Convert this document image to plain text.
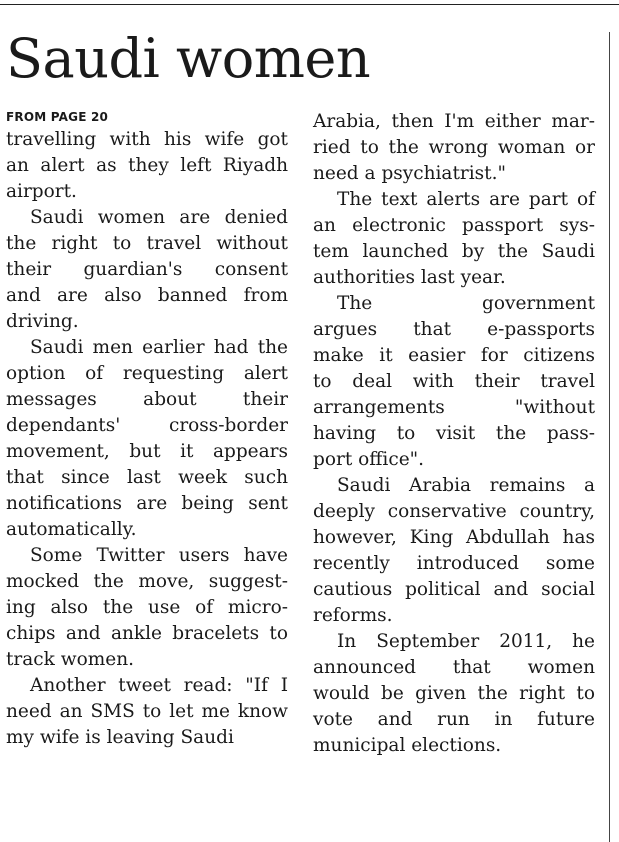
Saudi women
FROM PAGE 20

travelling with his wife got
an alert as they left Riyadh
airport.

Saudi women are denied
the right to travel without
their guardian's consent
and are also banned from
driving.

Saudi men earlier had the
option of requesting alert
messages about their
dependants' cross-border
movement, but it appears
that since last week such
notifications are being sent
automatically.

Some Twitter users have
mocked the move, suggest-
ing also the use of micro-
chips and ankle bracelets to
track women.

Another tweet read: "If I
need an SMS to let me know
my wife is leaving Saudi

Arabia, then I'm either mar-
ried to the wrong woman or
need a psychiatrist."

The text alerts are part of
an electronic passport sys-
tem launched by the Saudi
authorities last year.

The government
argues that e-passports
make it easier for citizens
to deal with their travel
arrangements "without
having to visit the pass-
port office".

Saudi Arabia remains a
deeply conservative country,
however, King Abdullah has
recently introduced some
cautious political and social
reforms.

In September 2011, he
announced that women
would be given the right to
vote and run in future
municipal elections.
